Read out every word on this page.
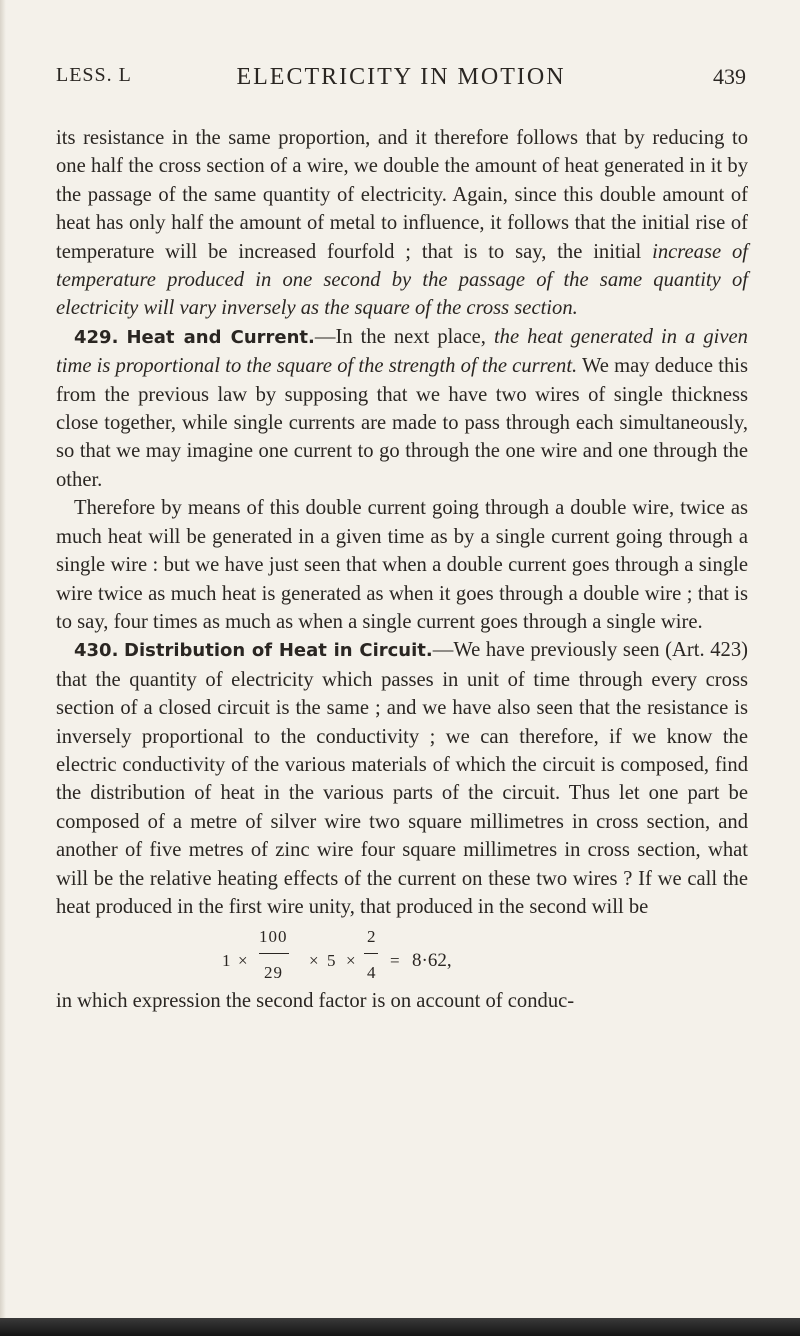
LESS. L	ELECTRICITY IN MOTION	439

its resistance in the same proportion, and it therefore follows that by reducing to one half the cross section of a wire, we double the amount of heat generated in it by the passage of the same quantity of electricity. Again, since this double amount of heat has only half the amount of metal to influence, it follows that the initial rise of temperature will be increased fourfold ; that is to say, the initial increase of temperature produced in one second by the passage of the same quantity of electricity will vary inversely as the square of the cross section.

429. Heat and Current.—In the next place, the heat generated in a given time is proportional to the square of the strength of the current. We may deduce this from the previous law by supposing that we have two wires of single thickness close together, while single currents are made to pass through each simultaneously, so that we may imagine one current to go through the one wire and one through the other.

Therefore by means of this double current going through a double wire, twice as much heat will be generated in a given time as by a single current going through a single wire : but we have just seen that when a double current goes through a single wire twice as much heat is generated as when it goes through a double wire ; that is to say, four times as much as when a single current goes through a single wire.

430. Distribution of Heat in Circuit.—We have previously seen (Art. 423) that the quantity of electricity which passes in unit of time through every cross section of a closed circuit is the same ; and we have also seen that the resistance is inversely proportional to the conductivity ; we can therefore, if we know the electric conductivity of the various materials of which the circuit is composed, find the distribution of heat in the various parts of the circuit. Thus let one part be composed of a metre of silver wire two square millimetres in cross section, and another of five metres of zinc wire four square millimetres in cross section, what will be the relative heating effects of the current on these two wires ? If we call the heat produced in the first wire unity, that produced in the second will be

1 ×
100
29
× 5 ×
2
4
= 8·62,

in which expression the second factor is on account of conduc-
